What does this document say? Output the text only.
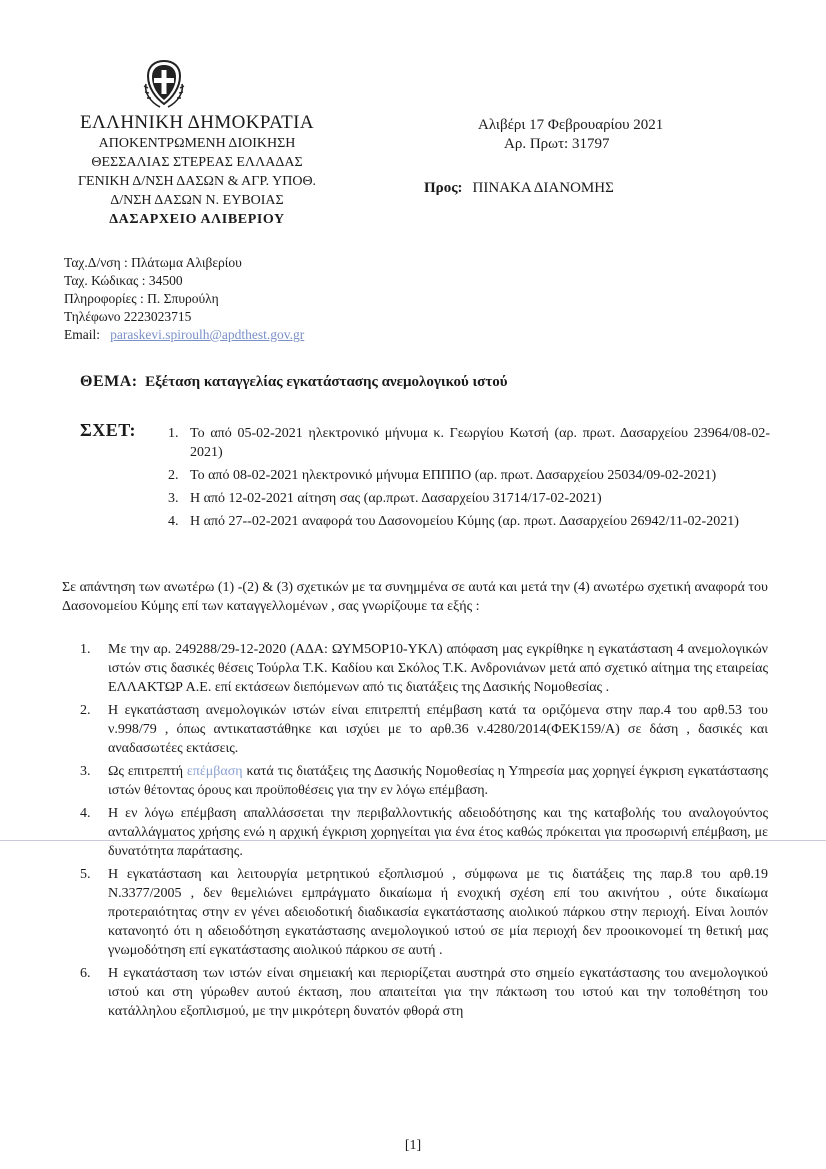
ΕΛΛΗΝΙΚΗ ΔΗΜΟΚΡΑΤΙΑ
ΑΠΟΚΕΝΤΡΩΜΕΝΗ ΔΙΟΙΚΗΣΗ
ΘΕΣΣΑΛΙΑΣ ΣΤΕΡΕΑΣ ΕΛΛΑΔΑΣ
ΓΕΝΙΚΗ Δ/ΝΣΗ ΔΑΣΩΝ & ΑΓΡ. ΥΠΟΘ.
Δ/ΝΣΗ ΔΑΣΩΝ Ν. ΕΥΒΟΙΑΣ
ΔΑΣΑΡΧΕΙΟ ΑΛΙΒΕΡΙΟΥ
Αλιβέρι 17 Φεβρουαρίου 2021
Αρ. Πρωτ: 31797
Προς: ΠΙΝΑΚΑ ΔΙΑΝΟΜΗΣ
Ταχ.Δ/νση : Πλάτωμα Αλιβερίου
Ταχ. Κώδικας : 34500
Πληροφορίες : Π. Σπυρούλη
Τηλέφωνο 2223023715
Email: paraskevi.spiroulh@apdthest.gov.gr
ΘΕΜΑ: Εξέταση καταγγελίας εγκατάστασης ανεμολογικού ιστού
ΣΧΕΤ: 1. Το από 05-02-2021 ηλεκτρονικό μήνυμα κ. Γεωργίου Κωτσή (αρ. πρωτ. Δασαρχείου 23964/08-02-2021)
2. Το από 08-02-2021 ηλεκτρονικό μήνυμα ΕΠΠΠΟ (αρ. πρωτ. Δασαρχείου 25034/09-02-2021)
3. Η από 12-02-2021 αίτηση σας (αρ.πρωτ. Δασαρχείου 31714/17-02-2021)
4. Η από 27--02-2021 αναφορά του Δασονομείου Κύμης (αρ. πρωτ. Δασαρχείου 26942/11-02-2021)
Σε απάντηση των ανωτέρω (1) -(2) & (3) σχετικών με τα συνημμένα σε αυτά και μετά την (4) ανωτέρω σχετική αναφορά του Δασονομείου Κύμης επί των καταγγελλομένων , σας γνωρίζουμε τα εξής :
1. Με την αρ. 249288/29-12-2020 (ΑΔΑ: ΩΥΜ5ΟΡ10-ΥΚΛ) απόφαση μας εγκρίθηκε η εγκατάσταση 4 ανεμολογικών ιστών στις δασικές θέσεις Τούρλα Τ.Κ. Καδίου και Σκόλος Τ.Κ. Ανδρονιάνων μετά από σχετικό αίτημα της εταιρείας ΕΛΛΑΚΤΩΡ Α.Ε. επί εκτάσεων διεπόμενων από τις διατάξεις της Δασικής Νομοθεσίας .
2. Η εγκατάσταση ανεμολογικών ιστών είναι επιτρεπτή επέμβαση κατά τα οριζόμενα στην παρ.4 του αρθ.53 του ν.998/79 , όπως αντικαταστάθηκε και ισχύει με το αρθ.36 ν.4280/2014(ΦΕΚ159/Α) σε δάση , δασικές και αναδασωτέες εκτάσεις.
3. Ως επιτρεπτή επέμβαση κατά τις διατάξεις της Δασικής Νομοθεσίας η Υπηρεσία μας χορηγεί έγκριση εγκατάστασης ιστών θέτοντας όρους και προϋποθέσεις για την εν λόγω επέμβαση.
4. Η εν λόγω επέμβαση απαλλάσσεται την περιβαλλοντικής αδειοδότησης και της καταβολής του αναλογούντος ανταλλάγματος χρήσης ενώ η αρχική έγκριση χορηγείται για ένα έτος καθώς πρόκειται για προσωρινή επέμβαση, με δυνατότητα παράτασης.
5. Η εγκατάσταση και λειτουργία μετρητικού εξοπλισμού , σύμφωνα με τις διατάξεις της παρ.8 του αρθ.19 Ν.3377/2005 , δεν θεμελιώνει εμπράγματο δικαίωμα ή ενοχική σχέση επί του ακινήτου , ούτε δικαίωμα προτεραιότητας στην εν γένει αδειοδοτική διαδικασία εγκατάστασης αιολικού πάρκου στην περιοχή. Είναι λοιπόν κατανοητό ότι η αδειοδότηση εγκατάστασης ανεμολογικού ιστού σε μία περιοχή δεν προοικονομεί τη θετική μας γνωμοδότηση επί εγκατάστασης αιολικού πάρκου σε αυτή .
6. Η εγκατάσταση των ιστών είναι σημειακή και περιορίζεται αυστηρά στο σημείο εγκατάστασης του ανεμολογικού ιστού και στη γύρωθεν αυτού έκταση, που απαιτείται για την πάκτωση του ιστού και την τοποθέτηση του κατάλληλου εξοπλισμού, με την μικρότερη δυνατόν φθορά στη
[1]
